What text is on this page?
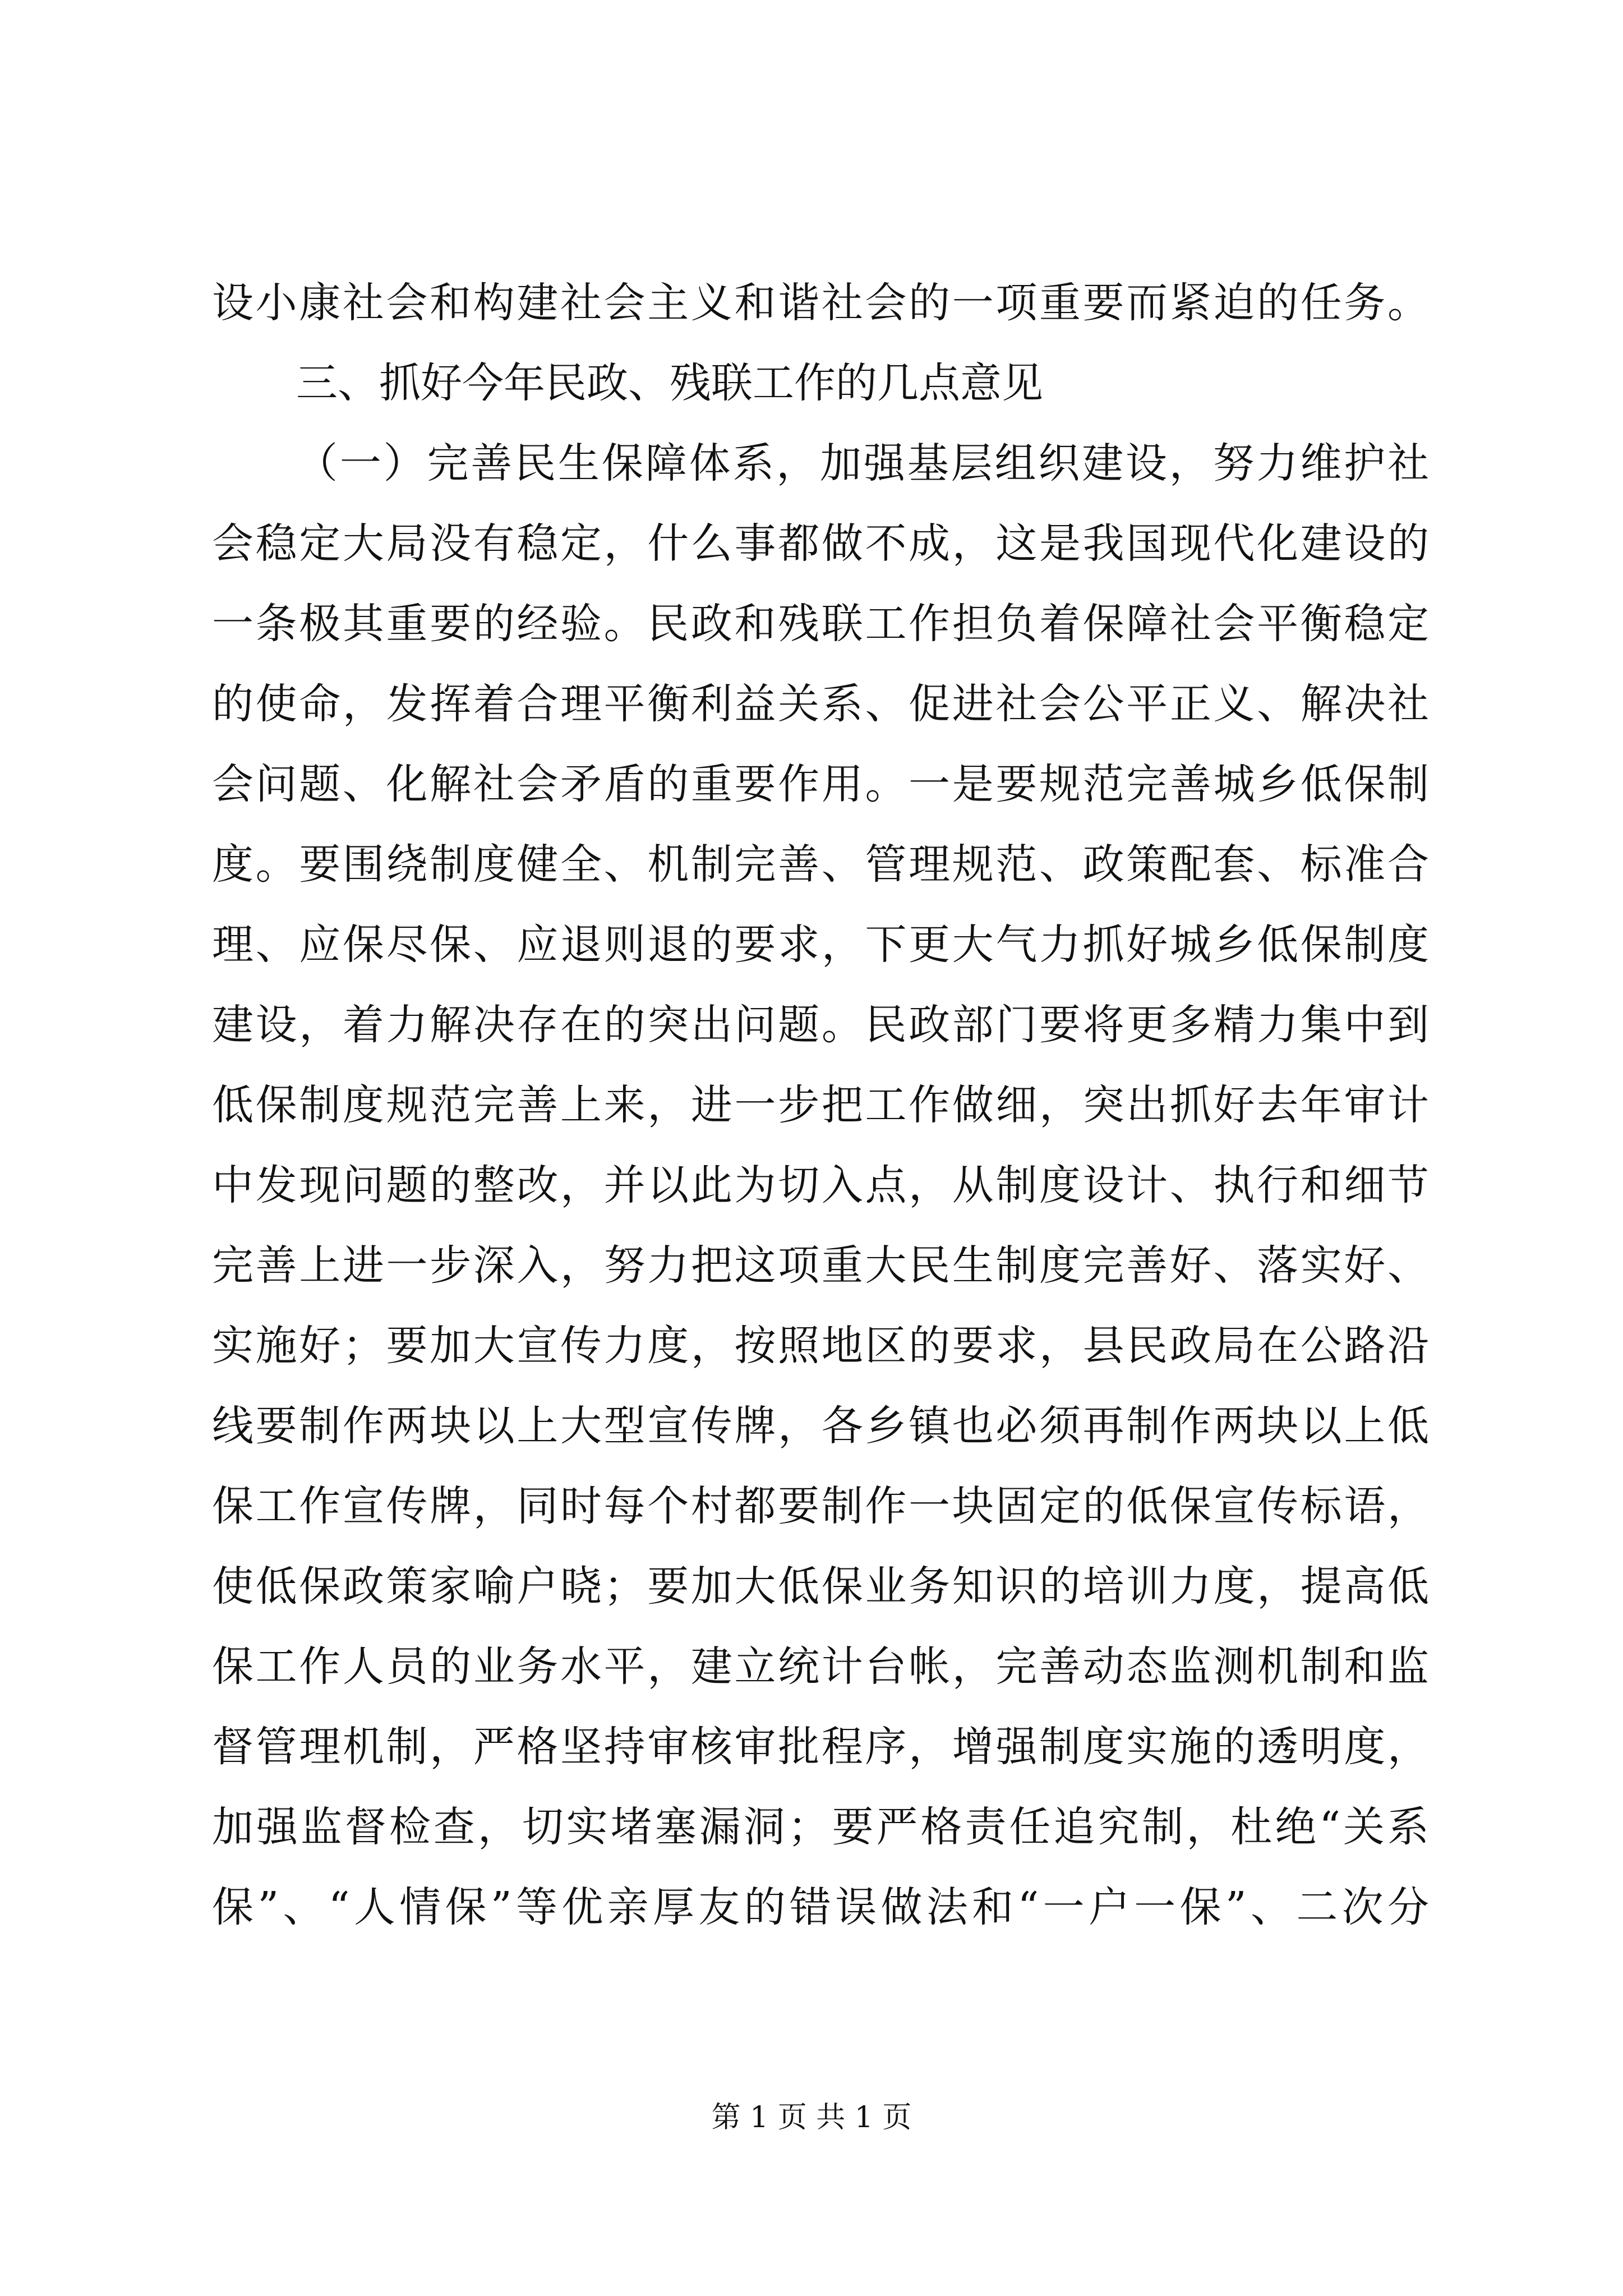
设小康社会和构建社会主义和谐社会的一项重要而紧迫的任务。
三、抓好今年民政、残联工作的几点意见
（一）完善民生保障体系，加强基层组织建设，努力维护社
会稳定大局没有稳定，什么事都做不成，这是我国现代化建设的
一条极其重要的经验。民政和残联工作担负着保障社会平衡稳定
的使命，发挥着合理平衡利益关系、促进社会公平正义、解决社
会问题、化解社会矛盾的重要作用。一是要规范完善城乡低保制
度。要围绕制度健全、机制完善、管理规范、政策配套、标准合
理、应保尽保、应退则退的要求，下更大气力抓好城乡低保制度
建设，着力解决存在的突出问题。民政部门要将更多精力集中到
低保制度规范完善上来，进一步把工作做细，突出抓好去年审计
中发现问题的整改，并以此为切入点，从制度设计、执行和细节
完善上进一步深入，努力把这项重大民生制度完善好、落实好、
实施好；要加大宣传力度，按照地区的要求，县民政局在公路沿
线要制作两块以上大型宣传牌，各乡镇也必须再制作两块以上低
保工作宣传牌，同时每个村都要制作一块固定的低保宣传标语，
使低保政策家喻户晓；要加大低保业务知识的培训力度，提高低
保工作人员的业务水平，建立统计台帐，完善动态监测机制和监
督管理机制，严格坚持审核审批程序，增强制度实施的透明度，
加强监督检查，切实堵塞漏洞；要严格责任追究制，杜绝“关系
保”、“人情保”等优亲厚友的错误做法和“一户一保”、二次分
第 1 页 共 1 页
